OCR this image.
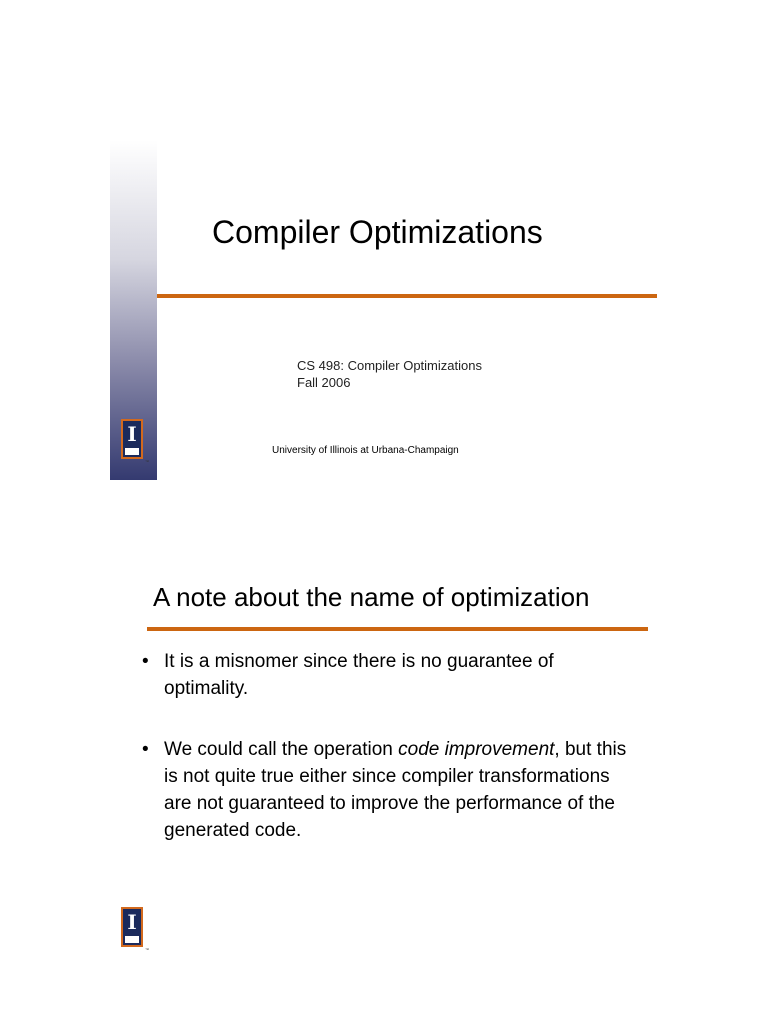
Compiler Optimizations
CS 498: Compiler Optimizations
Fall 2006
University of Illinois at Urbana-Champaign
I
™
A note about the name of optimization
• It is a misnomer since there is no guarantee of optimality.
• We could call the operation code improvement, but this is not quite true either since compiler transformations are not guaranteed to improve the performance of the generated code.
I
™
